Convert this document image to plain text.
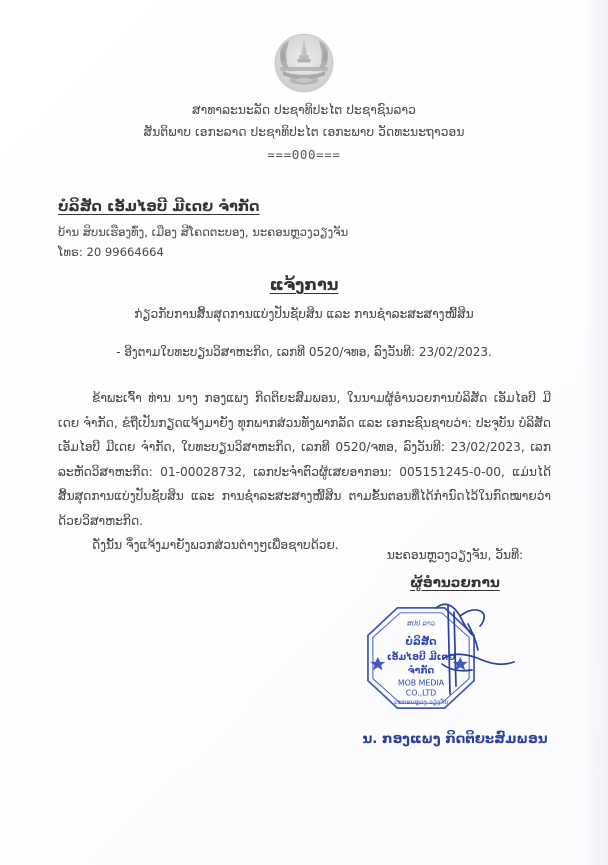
ສາທາລະນະລັດ ປະຊາທິປະໄຕ ປະຊາຊົນລາວ
ສັນຕິພາບ ເອກະລາດ ປະຊາທິປະໄຕ ເອກະພາບ ວັດທະນະຖາວອນ
===000===
ບໍລິສັດ ເອັມໄອບີ ມີເດຍ ຈຳກັດ
ບ້ານ ສິບນເຮືອງທົ່ງ, ເມືອງ ສີໂຄດຕະບອງ, ນະຄອນຫຼວງວຽງຈັນ
ໂທຣ: 20 99664664
ແຈ້ງການ
ກ່ຽວກັບການສິ້ນສຸດການແບ່ງປັນຊັບສິນ ແລະ ການຊຳລະສະສາງໜີ້ສິນ
- ອີງຕາມໃບທະບຽນວິສາຫະກິດ, ເລກທີ 0520/ຈທອ, ລົງວັນທີ: 23/02/2023.

ຂ້າພະເຈົ້າ ທ່ານ ນາງ ກອງແພງ ກິດຕິຍະສົມພອນ, ໃນນາມຜູ້ອຳນວຍການບໍລິສັດ ເອັມໄອບີ ມີເດຍ ຈຳກັດ, ຂໍຖືເປັນກຽດແຈ້ງມາຍັງ ທຸກພາກສ່ວນທັງພາກລັດ ແລະ ເອກະຊົນຊາບວ່າ: ປະຈຸບັນ ບໍລິສັດ ເອັມໄອບີ ມີເດຍ ຈຳກັດ, ໃບທະບຽນວິສາຫະກິດ, ເລກທີ 0520/ຈທອ, ລົງວັນທີ: 23/02/2023, ເລກລະຫັດວິສາຫະກິດ: 01-00028732, ເລກປະຈຳຕົວຜູ້ເສຍອາກອນ: 005151245-0-00, ແມ່ນໄດ້ສິ້ນສຸດການແບ່ງປັນຊັບສິນ ແລະ ການຊຳລະສະສາງໜີ້ສິນ ຕາມຂັ້ນຕອນທີ່ໄດ້ກຳນົດໄວ້ໃນກົດໝາຍວ່າດ້ວຍວິສາຫະກິດ.

ດັ່ງນັ້ນ ຈຶ່ງແຈ້ງມາຍັງພວກສ່ວນຕ່າງໆເພື່ອຊາບດ້ວຍ.

ນະຄອນຫຼວງວຽງຈັນ, ວັນທີ:
ຜູ້ອຳນວຍການ
ສປປ ລາວ
ບໍລິສັດ
ເອັມໄອບີ ມີເດຍ
ຈຳກັດ
MOB MEDIA
CO.,LTD
ນະຄອນຫຼວງ ວຽງຈັນ
ນ. ກອງແພງ ກິດຕິຍະສົມພອນ
